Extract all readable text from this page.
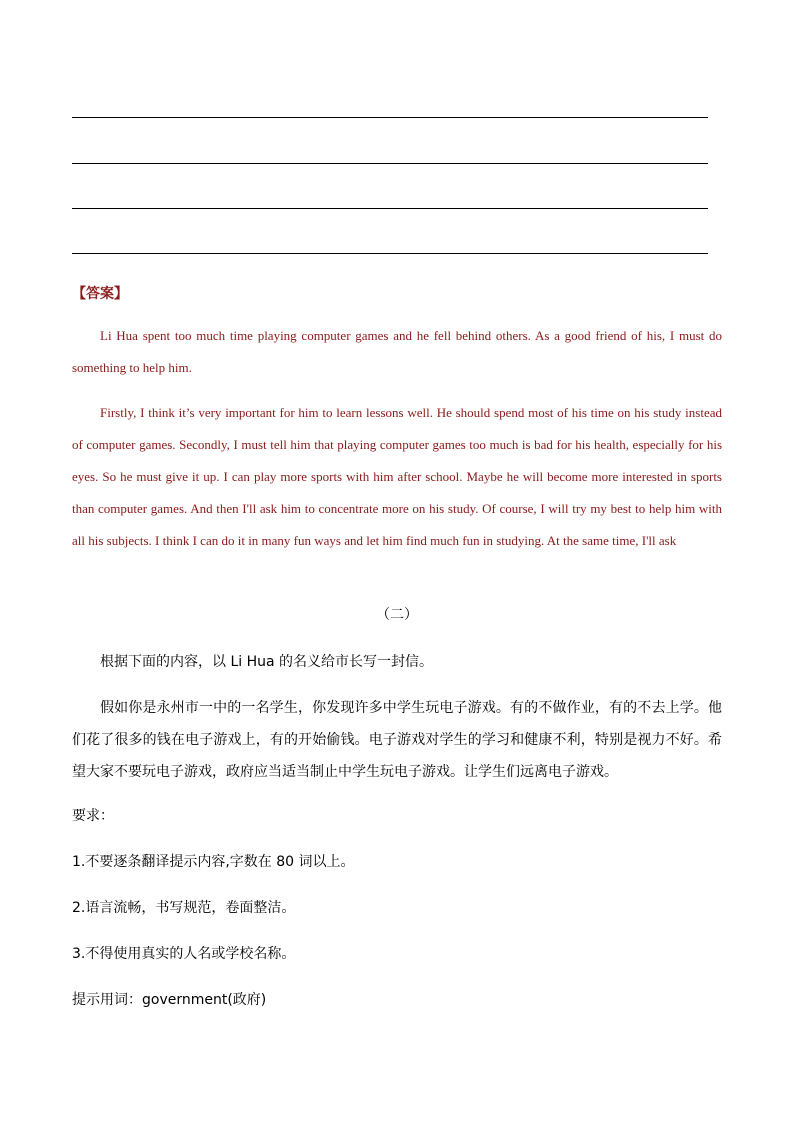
【答案】

Li Hua spent too much time playing computer games and he fell behind others. As a good friend of his, I must do something to help him.

Firstly, I think it’s very important for him to learn lessons well. He should spend most of his time on his study instead of computer games. Secondly, I must tell him that playing computer games too much is bad for his health, especially for his eyes. So he must give it up. I can play more sports with him after school. Maybe he will become more interested in sports than computer games. And then I'll ask him to concentrate more on his study. Of course, I will try my best to help him with all his subjects. I think I can do it in many fun ways and let him find much fun in studying. At the same time, I'll ask

（二）

根据下面的内容，以 Li Hua 的名义给市长写一封信。

假如你是永州市一中的一名学生，你发现许多中学生玩电子游戏。有的不做作业，有的不去上学。他们花了很多的钱在电子游戏上，有的开始偷钱。电子游戏对学生的学习和健康不利，特别是视力不好。希望大家不要玩电子游戏，政府应当适当制止中学生玩电子游戏。让学生们远离电子游戏。

要求：

1.不要逐条翻译提示内容,字数在 80 词以上。

2.语言流畅，书写规范，卷面整洁。

3.不得使用真实的人名或学校名称。

提示用词：government(政府)
